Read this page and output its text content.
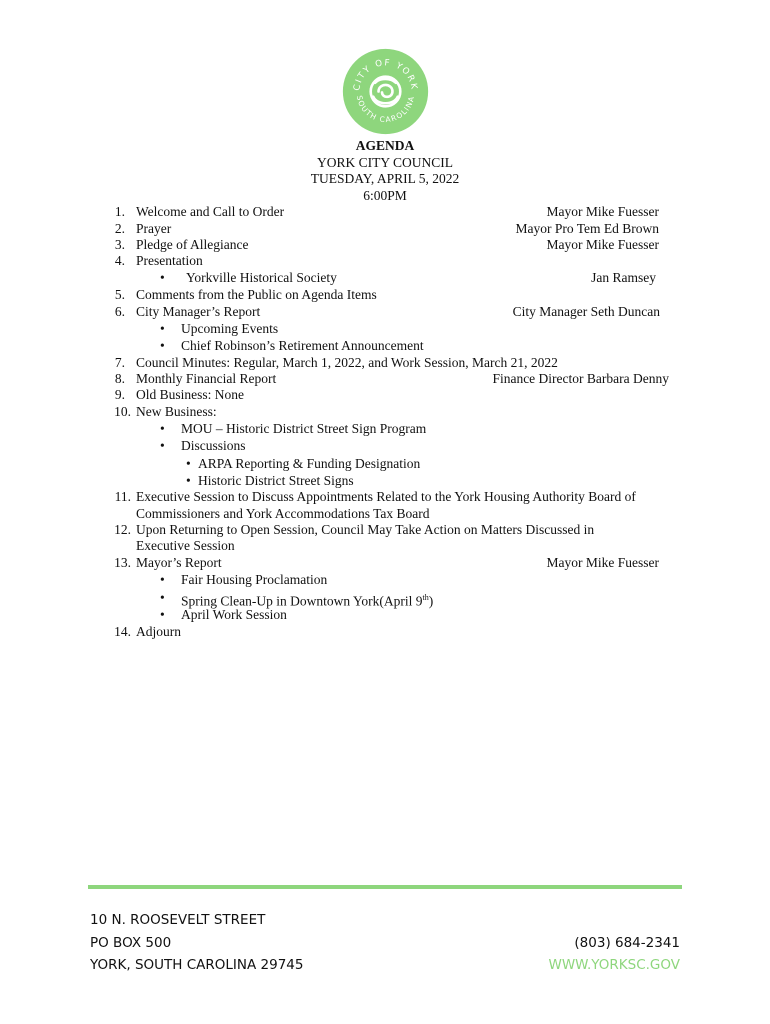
CITY OF YORK
SOUTH CAROLINA
AGENDA
YORK CITY COUNCIL
TUESDAY, APRIL 5, 2022
6:00PM
1. Welcome and Call to Order	Mayor Mike Fuesser
2. Prayer	Mayor Pro Tem Ed Brown
3. Pledge of Allegiance	Mayor Mike Fuesser
4. Presentation
• Yorkville Historical Society	Jan Ramsey
5. Comments from the Public on Agenda Items
6. City Manager’s Report	City Manager Seth Duncan
• Upcoming Events
• Chief Robinson’s Retirement Announcement
7. Council Minutes: Regular, March 1, 2022, and Work Session, March 21, 2022
8. Monthly Financial Report	Finance Director Barbara Denny
9. Old Business: None
10. New Business:
• MOU – Historic District Street Sign Program
• Discussions
• ARPA Reporting & Funding Designation
• Historic District Street Signs
11. Executive Session to Discuss Appointments Related to the York Housing Authority Board of
Commissioners and York Accommodations Tax Board
12. Upon Returning to Open Session, Council May Take Action on Matters Discussed in
Executive Session
13. Mayor’s Report	Mayor Mike Fuesser
• Fair Housing Proclamation
• Spring Clean-Up in Downtown York(April 9th)
• April Work Session
14. Adjourn
10 N. ROOSEVELT STREET
PO BOX 500
YORK, SOUTH CAROLINA 29745
(803) 684-2341
WWW.YORKSC.GOV
